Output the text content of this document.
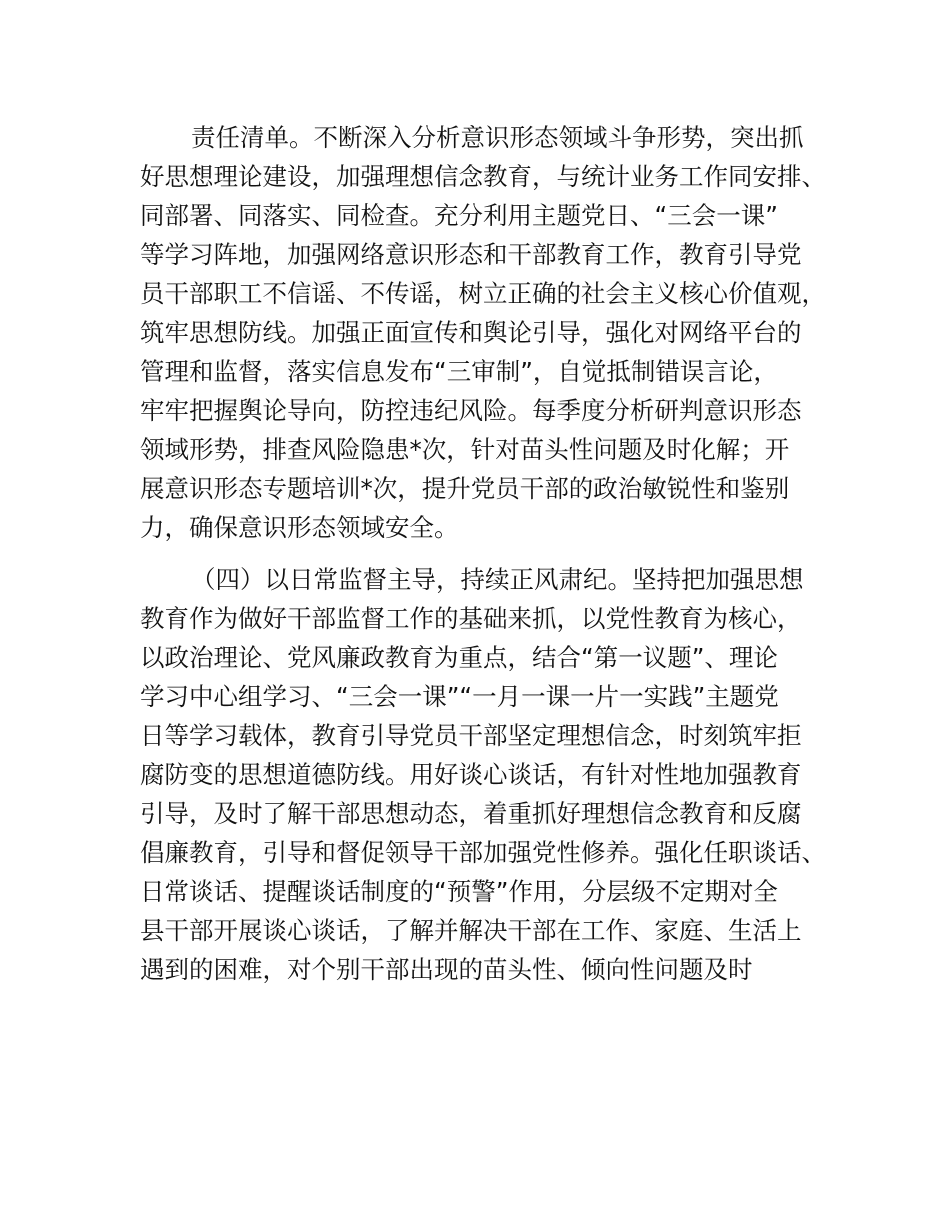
责任清单。不断深入分析意识形态领域斗争形势，突出抓
好思想理论建设，加强理想信念教育，与统计业务工作同安排、
同部署、同落实、同检查。充分利用主题党日、“三会一课”
等学习阵地，加强网络意识形态和干部教育工作，教育引导党
员干部职工不信谣、不传谣，树立正确的社会主义核心价值观，
筑牢思想防线。加强正面宣传和舆论引导，强化对网络平台的
管理和监督，落实信息发布“三审制”，自觉抵制错误言论，
牢牢把握舆论导向，防控违纪风险。每季度分析研判意识形态
领域形势，排查风险隐患*次，针对苗头性问题及时化解；开
展意识形态专题培训*次，提升党员干部的政治敏锐性和鉴别
力，确保意识形态领域安全。
（四）以日常监督主导，持续正风肃纪。坚持把加强思想
教育作为做好干部监督工作的基础来抓，以党性教育为核心，
以政治理论、党风廉政教育为重点，结合“第一议题”、理论
学习中心组学习、“三会一课”“一月一课一片一实践”主题党
日等学习载体，教育引导党员干部坚定理想信念，时刻筑牢拒
腐防变的思想道德防线。用好谈心谈话，有针对性地加强教育
引导，及时了解干部思想动态，着重抓好理想信念教育和反腐
倡廉教育，引导和督促领导干部加强党性修养。强化任职谈话、
日常谈话、提醒谈话制度的“预警”作用，分层级不定期对全
县干部开展谈心谈话，了解并解决干部在工作、家庭、生活上
遇到的困难，对个别干部出现的苗头性、倾向性问题及时
